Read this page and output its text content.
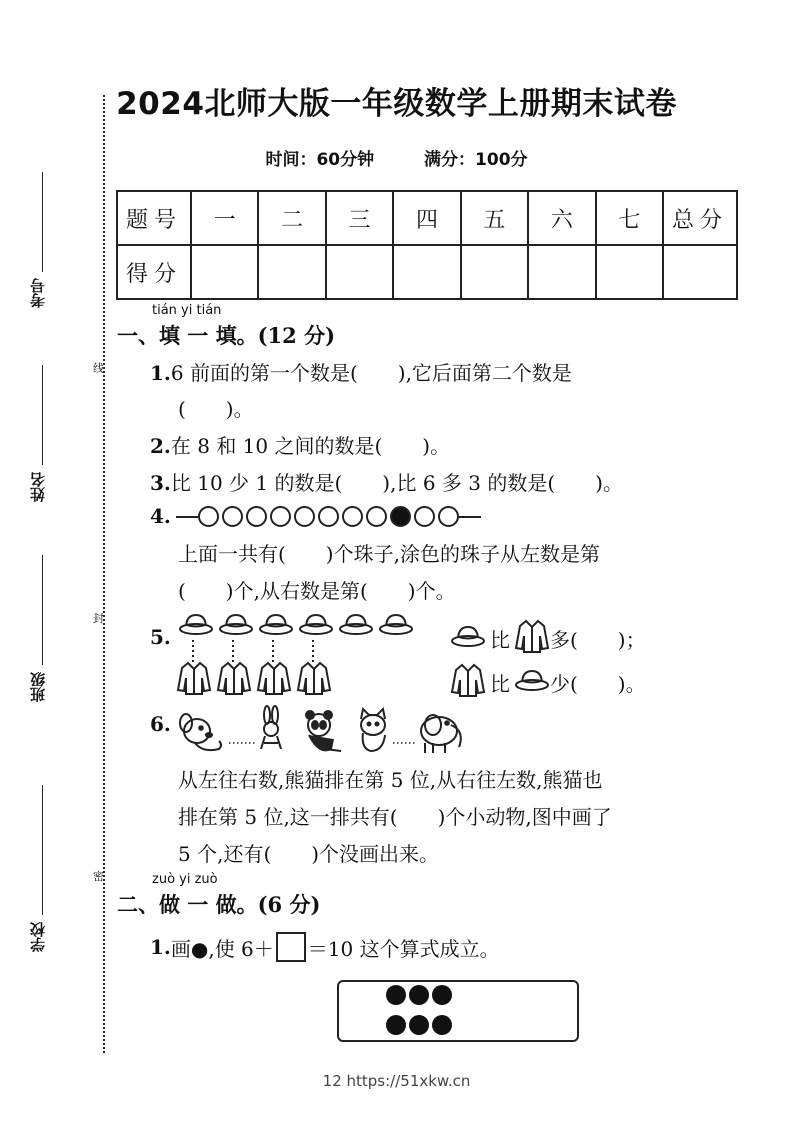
2024北师大版一年级数学上册期末试卷
时间：60分钟	满分：100分
线
封
密
考号
姓名
班级
学校
题号	一	二	三	四	五	六	七	总分
得分								
tián yi tián
一、填 一 填。(12 分)
1.6 前面的第一个数是(　　),它后面第二个数是
(　　)。
2.在 8 和 10 之间的数是(　　)。
3.比 10 少 1 的数是(　　),比 6 多 3 的数是(　　)。
4.
上面一共有(　　)个珠子,涂色的珠子从左数是第
(　　)个,从右数是第(　　)个。
5.	比 多(　　)；
比 少(　　)。
6.
从左往右数,熊猫排在第 5 位,从右往左数,熊猫也
排在第 5 位,这一排共有(　　)个小动物,图中画了
5 个,还有(　　)个没画出来。
zuò yi zuò
二、做 一 做。(6 分)
1. 画●,使 6＋ ＝10 这个算式成立。
12 https://51xkw.cn
